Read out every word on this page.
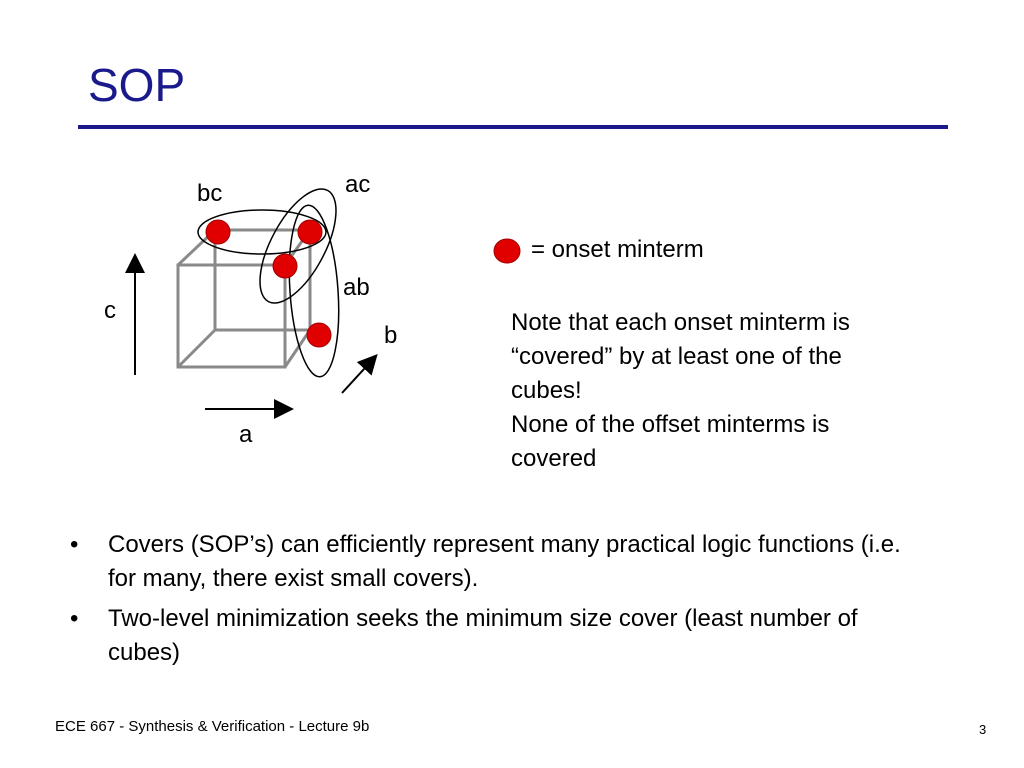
SOP
bc	ac
ab
c
b
a
= onset minterm

Note that each onset minterm is “covered” by at least one of the cubes!

None of the offset minterms is covered

• Covers (SOP’s) can efficiently represent many practical logic functions (i.e. for many, there exist small covers).
• Two-level minimization seeks the minimum size cover (least number of cubes)
ECE 667 - Synthesis & Verification - Lecture 9b	3
